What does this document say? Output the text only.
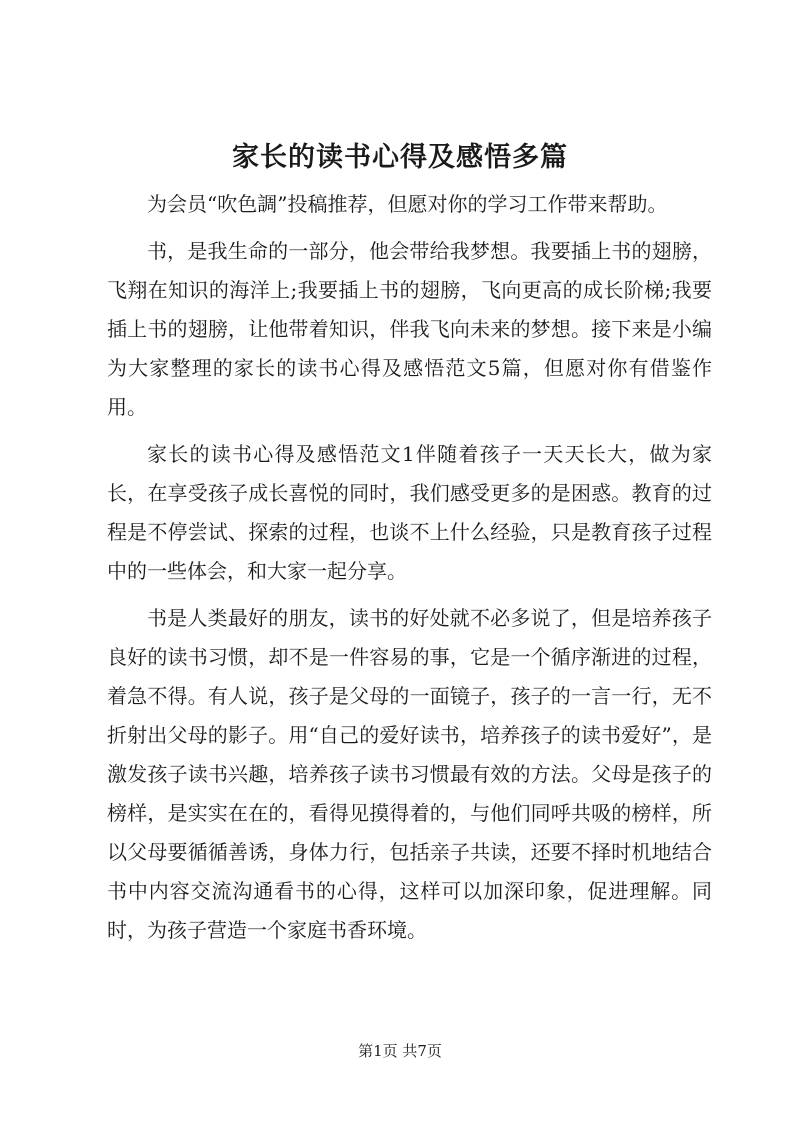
家长的读书心得及感悟多篇

为会员“吹色調”投稿推荐，但愿对你的学习工作带来帮助。

书，是我生命的一部分，他会带给我梦想。我要插上书的翅膀，飞翔在知识的海洋上;我要插上书的翅膀，飞向更高的成长阶梯;我要插上书的翅膀，让他带着知识，伴我飞向未来的梦想。接下来是小编为大家整理的家长的读书心得及感悟范文5篇，但愿对你有借鉴作用。

家长的读书心得及感悟范文1伴随着孩子一天天长大，做为家长，在享受孩子成长喜悦的同时，我们感受更多的是困惑。教育的过程是不停尝试、探索的过程，也谈不上什么经验，只是教育孩子过程中的一些体会，和大家一起分享。

书是人类最好的朋友，读书的好处就不必多说了，但是培养孩子良好的读书习惯，却不是一件容易的事，它是一个循序渐进的过程，着急不得。有人说，孩子是父母的一面镜子，孩子的一言一行，无不折射出父母的影子。用“自己的爱好读书，培养孩子的读书爱好”，是激发孩子读书兴趣，培养孩子读书习惯最有效的方法。父母是孩子的榜样，是实实在在的，看得见摸得着的，与他们同呼共吸的榜样，所以父母要循循善诱，身体力行，包括亲子共读，还要不择时机地结合书中内容交流沟通看书的心得，这样可以加深印象，促进理解。同时，为孩子营造一个家庭书香环境。

第1页 共7页
